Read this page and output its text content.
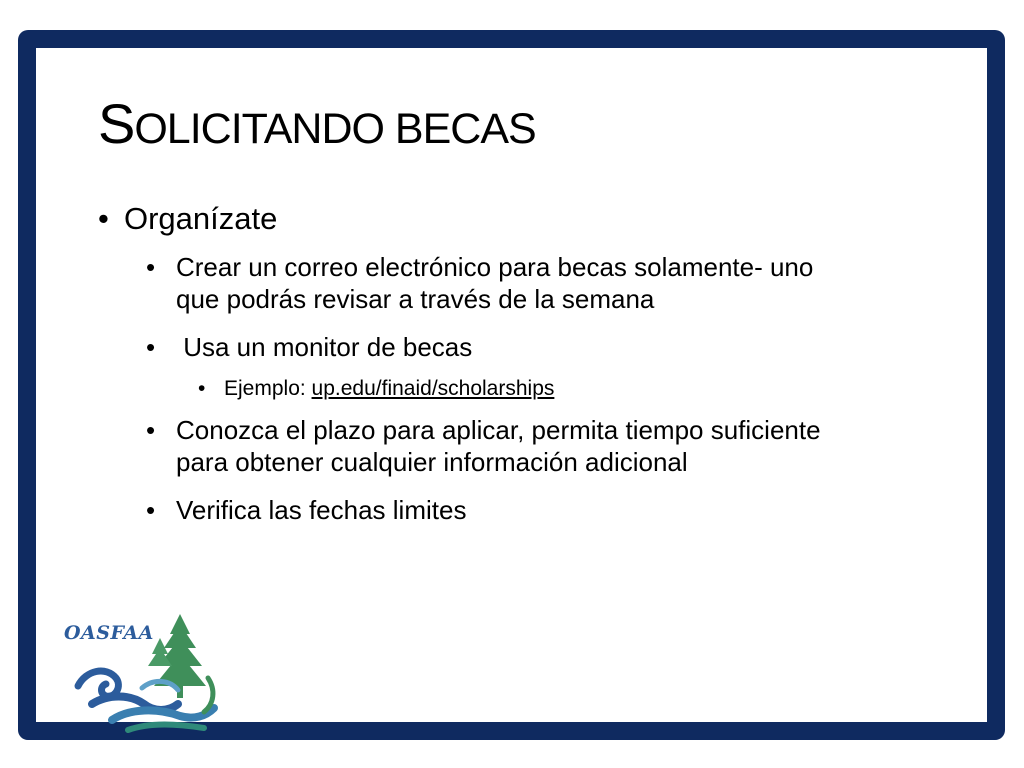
SOLICITANDO BECAS
• Organízate
• Crear un correo electrónico para becas solamente- uno
que podrás revisar a través de la semana
• Usa un monitor de becas
• Ejemplo: up.edu/finaid/scholarships
• Conozca el plazo para aplicar, permita tiempo suficiente
para obtener cualquier información adicional
• Verifica las fechas limites
OASFAA
